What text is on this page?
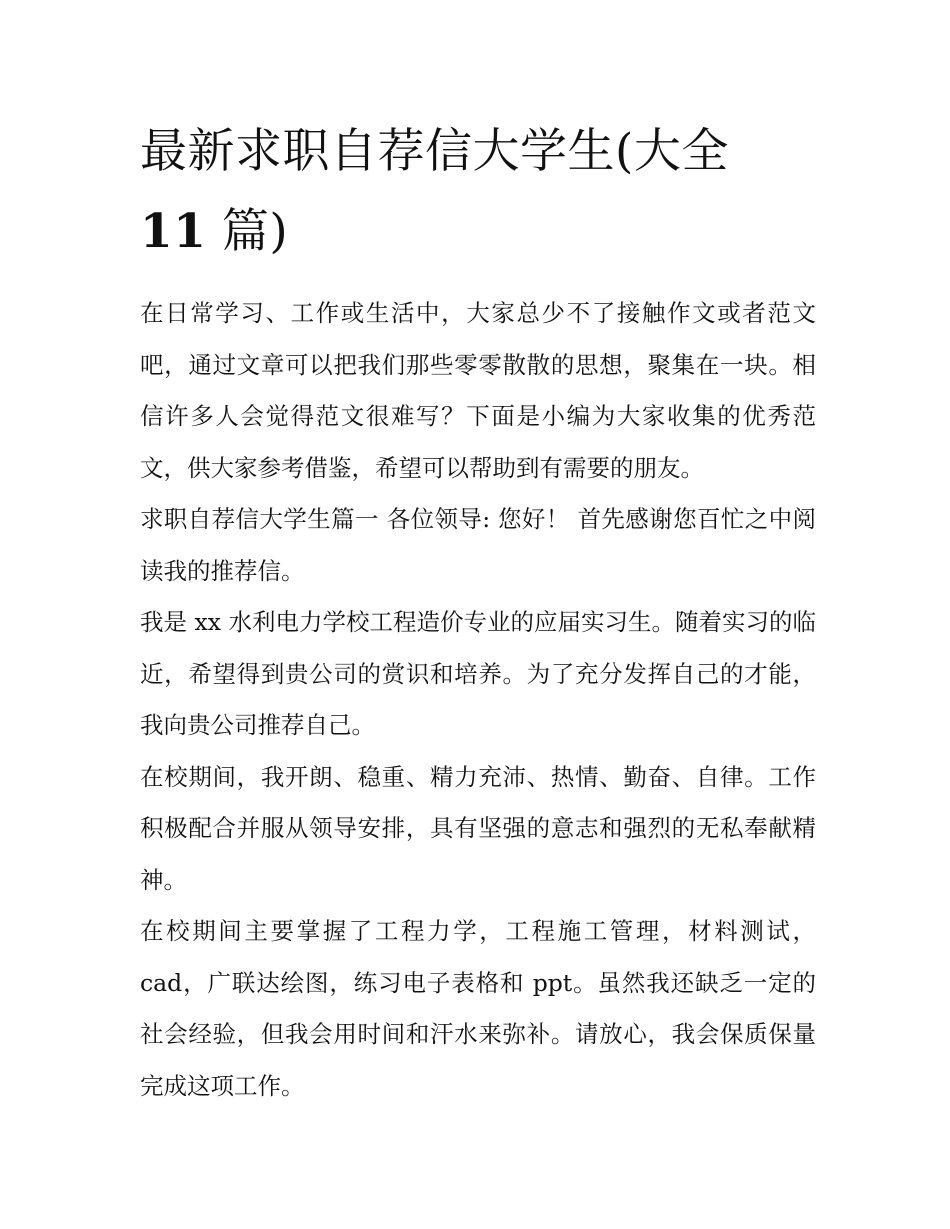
最新求职自荐信大学生(大全
11 篇)

在日常学习、工作或生活中，大家总少不了接触作文或者范文吧，通过文章可以把我们那些零零散散的思想，聚集在一块。相信许多人会觉得范文很难写？下面是小编为大家收集的优秀范文，供大家参考借鉴，希望可以帮助到有需要的朋友。

求职自荐信大学生篇一 各位领导: 您好！ 首先感谢您百忙之中阅读我的推荐信。

我是 xx 水利电力学校工程造价专业的应届实习生。随着实习的临近，希望得到贵公司的赏识和培养。为了充分发挥自己的才能，我向贵公司推荐自己。

在校期间，我开朗、稳重、精力充沛、热情、勤奋、自律。工作积极配合并服从领导安排，具有坚强的意志和强烈的无私奉献精神。

在校期间主要掌握了工程力学，工程施工管理，材料测试，cad，广联达绘图，练习电子表格和 ppt。虽然我还缺乏一定的社会经验，但我会用时间和汗水来弥补。请放心，我会保质保量完成这项工作。
